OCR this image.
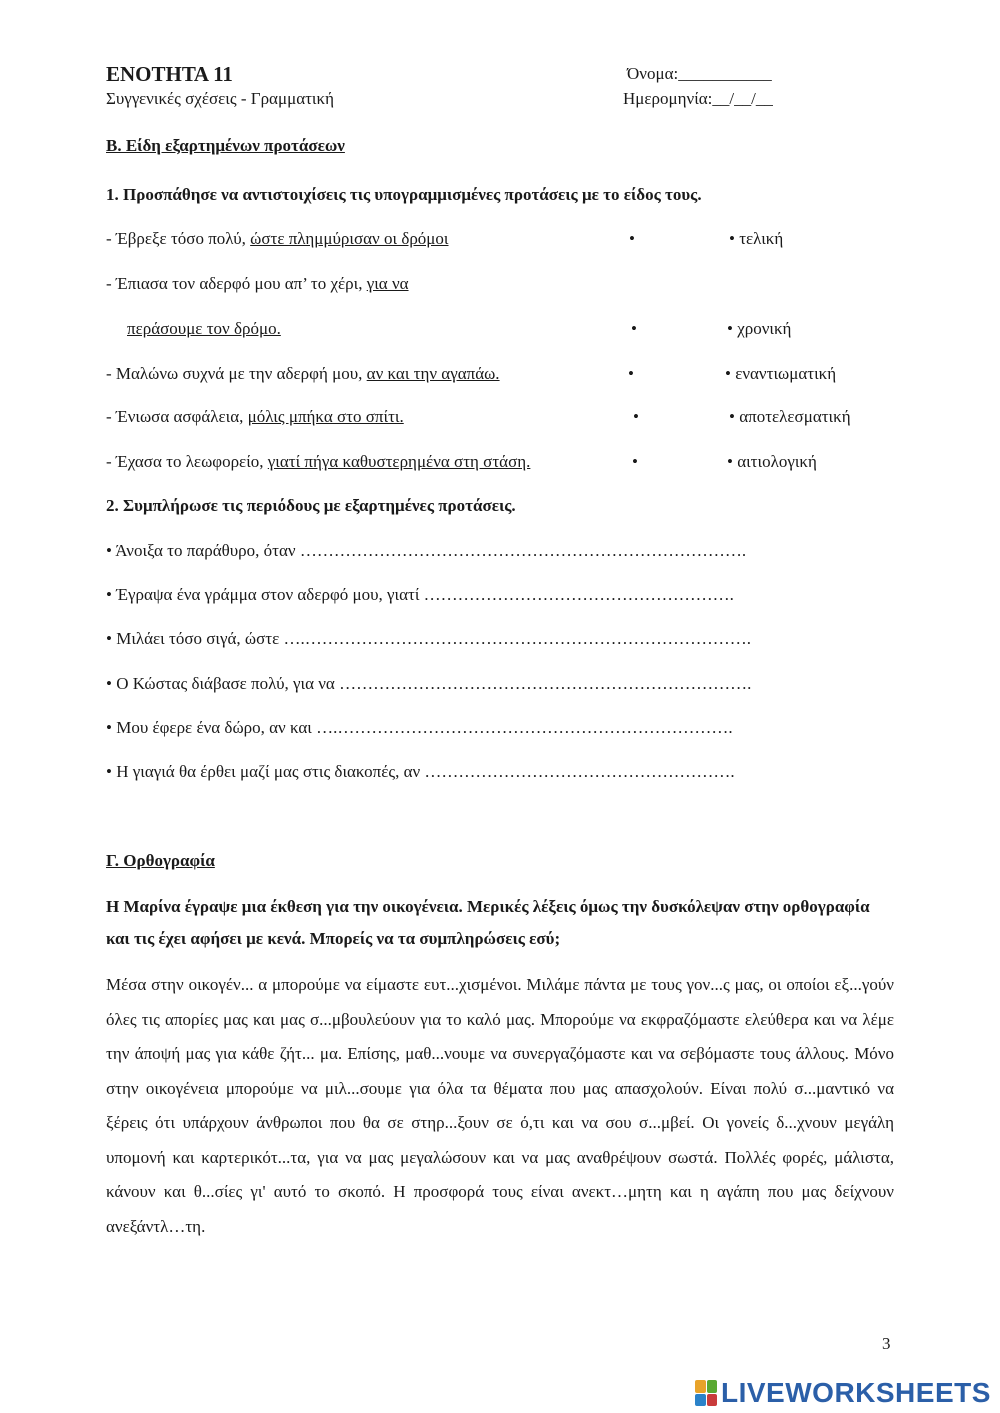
ΕΝΟΤΗΤΑ 11
Συγγενικές σχέσεις - Γραμματική
Όνομα:___________
Ημερομηνία:__/__/__
Β. Είδη εξαρτημένων προτάσεων
1. Προσπάθησε να αντιστοιχίσεις τις υπογραμμισμένες προτάσεις με το είδος τους.
- Έβρεξε τόσο πολύ, ώστε πλημμύρισαν οι δρόμοι
- Έπιασα τον αδερφό μου απ’ το χέρι, για να
περάσουμε τον δρόμο.
- Μαλώνω συχνά με την αδερφή μου, αν και την αγαπάω.
- Ένιωσα ασφάλεια, μόλις μπήκα στο σπίτι.
- Έχασα το λεωφορείο, γιατί πήγα καθυστερημένα στη στάση.
•
•
•
•
•
• τελική
• χρονική
• εναντιωματική
• αποτελεσματική
• αιτιολογική
2. Συμπλήρωσε τις περιόδους με εξαρτημένες προτάσεις.
• Άνοιξα το παράθυρο, όταν …………………………………………………………………….
• Έγραψα ένα γράμμα στον αδερφό μου, γιατί ……………………………………………….
• Μιλάει τόσο σιγά, ώστε ….…………………………………………………………………….
• Ο Κώστας διάβασε πολύ, για να ……………………………………………………………….
• Μου έφερε ένα δώρο, αν και ….…………………………………………………………….
• Η γιαγιά θα έρθει μαζί μας στις διακοπές, αν ……………………………………………….
Γ. Ορθογραφία
Η Μαρίνα έγραψε μια έκθεση για την οικογένεια. Μερικές λέξεις όμως την δυσκόλεψαν στην ορθογραφία και τις έχει αφήσει με κενά. Μπορείς να τα συμπληρώσεις εσύ;
Μέσα στην οικογέν... α μπορούμε να είμαστε ευτ...χισμένοι. Μιλάμε πάντα με τους γον...ς μας, οι οποίοι εξ...γούν όλες τις απορίες μας και μας σ...μβουλεύουν για το καλό μας. Μπορούμε να εκφραζόμαστε ελεύθερα και να λέμε την άποψή μας για κάθε ζήτ... μα. Επίσης, μαθ...νουμε να συνεργαζόμαστε και να σεβόμαστε τους άλλους. Μόνο στην οικογένεια μπορούμε να μιλ...σουμε για όλα τα θέματα που μας απασχολούν. Είναι πολύ σ...μαντικό να ξέρεις ότι υπάρχουν άνθρωποι που θα σε στηρ...ξουν σε ό,τι και να σου σ...μβεί. Οι γονείς δ...χνουν μεγάλη υπομονή και καρτερικότ...τα, για να μας μεγαλώσουν και να μας αναθρέψουν σωστά. Πολλές φορές, μάλιστα, κάνουν και θ...σίες γι' αυτό το σκοπό. Η προσφορά τους είναι ανεκτ…μητη και η αγάπη που μας δείχνουν ανεξάντλ…τη.
3
LIVEWORKSHEETS
